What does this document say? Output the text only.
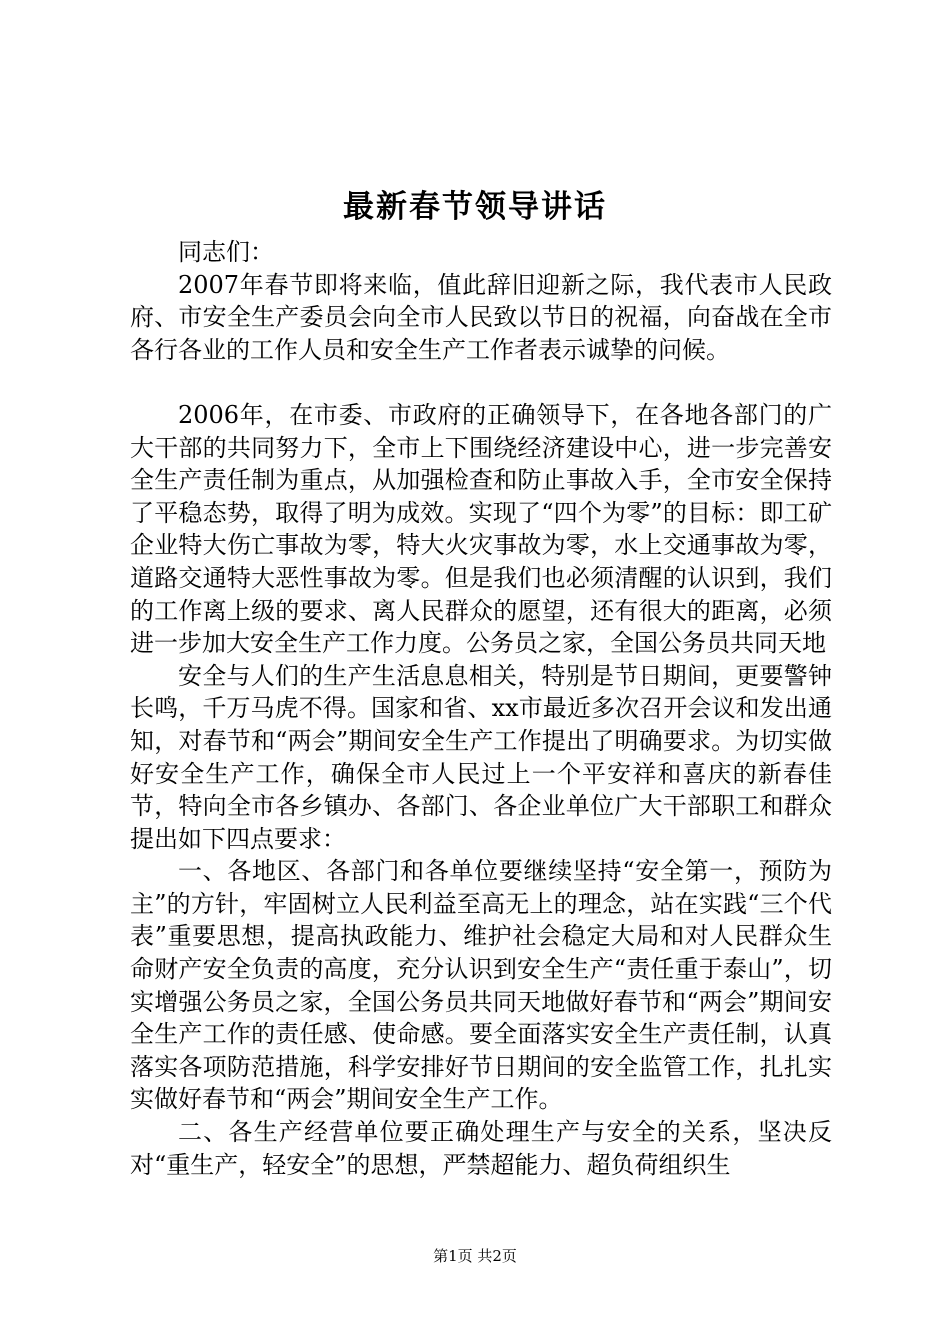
最新春节领导讲话

同志们：

2007年春节即将来临，值此辞旧迎新之际，我代表市人民政府、市安全生产委员会向全市人民致以节日的祝福，向奋战在全市各行各业的工作人员和安全生产工作者表示诚挚的问候。

2006年，在市委、市政府的正确领导下，在各地各部门的广大干部的共同努力下，全市上下围绕经济建设中心，进一步完善安全生产责任制为重点，从加强检查和防止事故入手，全市安全保持了平稳态势，取得了明为成效。实现了“四个为零”的目标：即工矿企业特大伤亡事故为零，特大火灾事故为零，水上交通事故为零，道路交通特大恶性事故为零。但是我们也必须清醒的认识到，我们的工作离上级的要求、离人民群众的愿望，还有很大的距离，必须进一步加大安全生产工作力度。公务员之家，全国公务员共同天地

安全与人们的生产生活息息相关，特别是节日期间，更要警钟长鸣，千万马虎不得。国家和省、xx市最近多次召开会议和发出通知，对春节和“两会”期间安全生产工作提出了明确要求。为切实做好安全生产工作，确保全市人民过上一个平安祥和喜庆的新春佳节，特向全市各乡镇办、各部门、各企业单位广大干部职工和群众提出如下四点要求：

一、各地区、各部门和各单位要继续坚持“安全第一，预防为主”的方针，牢固树立人民利益至高无上的理念，站在实践“三个代表”重要思想，提高执政能力、维护社会稳定大局和对人民群众生命财产安全负责的高度，充分认识到安全生产“责任重于泰山”，切实增强公务员之家，全国公务员共同天地做好春节和“两会”期间安全生产工作的责任感、使命感。要全面落实安全生产责任制，认真落实各项防范措施，科学安排好节日期间的安全监管工作，扎扎实实做好春节和“两会”期间安全生产工作。

二、各生产经营单位要正确处理生产与安全的关系，坚决反对“重生产，轻安全”的思想，严禁超能力、超负荷组织生

第1页 共2页
